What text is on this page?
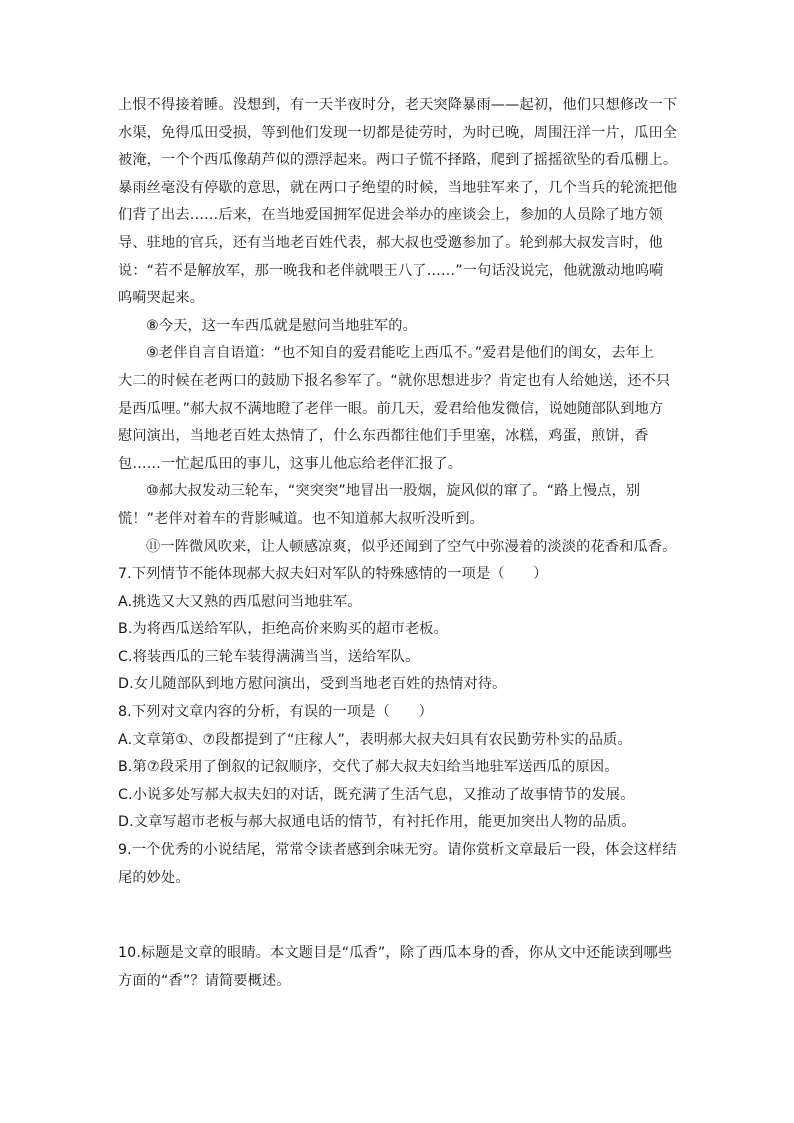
上恨不得接着睡。没想到，有一天半夜时分，老天突降暴雨——起初，他们只想修改一下
水渠，免得瓜田受损，等到他们发现一切都是徒劳时，为时已晚，周围汪洋一片，瓜田全
被淹，一个个西瓜像葫芦似的漂浮起来。两口子慌不择路，爬到了摇摇欲坠的看瓜棚上。
暴雨丝毫没有停歇的意思，就在两口子绝望的时候，当地驻军来了，几个当兵的轮流把他
们背了出去……后来，在当地爱国拥军促进会举办的座谈会上，参加的人员除了地方领
导、驻地的官兵，还有当地老百姓代表，郝大叔也受邀参加了。轮到郝大叔发言时，他
说：“若不是解放军，那一晚我和老伴就喂王八了……”一句话没说完，他就激动地呜嗬
呜嗬哭起来。
⑧今天，这一车西瓜就是慰问当地驻军的。
⑨老伴自言自语道：“也不知自的爱君能吃上西瓜不。”爱君是他们的闺女，去年上
大二的时候在老两口的鼓励下报名参军了。“就你思想进步？肯定也有人给她送，还不只
是西瓜哩。”郝大叔不满地瞪了老伴一眼。前几天，爱君给他发微信，说她随部队到地方
慰问演出，当地老百姓太热情了，什么东西都往他们手里塞，冰糕，鸡蛋，煎饼，香
包……一忙起瓜田的事儿，这事儿他忘给老伴汇报了。
⑩郝大叔发动三轮车，“突突突”地冒出一股烟，旋风似的窜了。“路上慢点，别
慌！”老伴对着车的背影喊道。也不知道郝大叔听没听到。
⑪一阵微风吹来，让人顿感凉爽，似乎还闻到了空气中弥漫着的淡淡的花香和瓜香。
7.下列情节不能体现郝大叔夫妇对军队的特殊感情的一项是（　　）
A.挑选又大又熟的西瓜慰问当地驻军。
B.为将西瓜送给军队，拒绝高价来购买的超市老板。
C.将装西瓜的三轮车装得满满当当，送给军队。
D.女儿随部队到地方慰问演出，受到当地老百姓的热情对待。
8.下列对文章内容的分析，有误的一项是（　　）
A.文章第①、⑦段都提到了“庄稼人”，表明郝大叔夫妇具有农民勤劳朴实的品质。
B.第⑦段采用了倒叙的记叙顺序，交代了郝大叔夫妇给当地驻军送西瓜的原因。
C.小说多处写郝大叔夫妇的对话，既充满了生活气息，又推动了故事情节的发展。
D.文章写超市老板与郝大叔通电话的情节，有衬托作用，能更加突出人物的品质。
9.一个优秀的小说结尾，常常令读者感到余味无穷。请你赏析文章最后一段，体会这样结
尾的妙处。
10.标题是文章的眼睛。本文题目是“瓜香”，除了西瓜本身的香，你从文中还能读到哪些
方面的“香”？请简要概述。
